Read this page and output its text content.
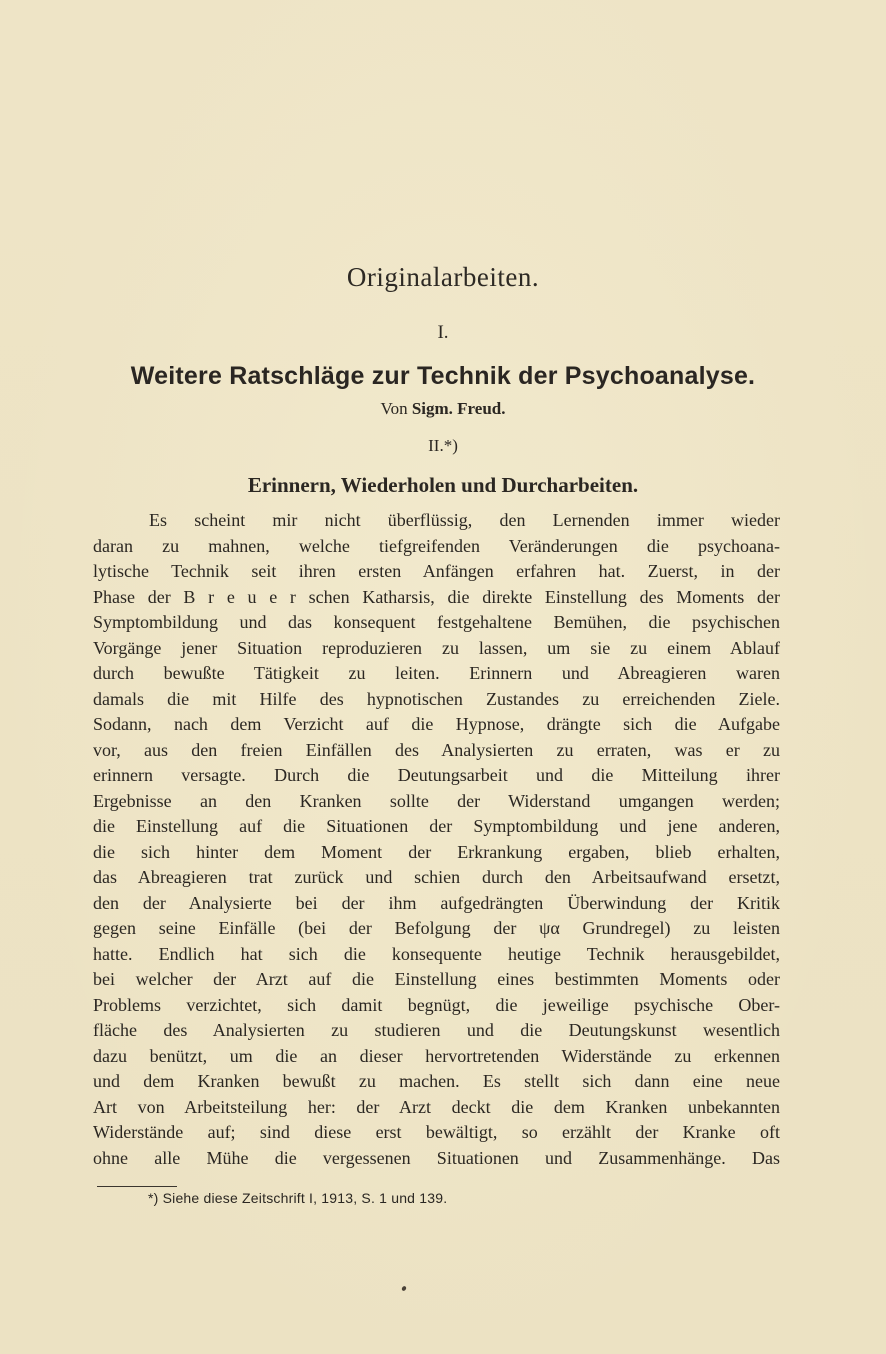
Originalarbeiten.
I.
Weitere Ratschläge zur Technik der Psychoanalyse.
Von Sigm. Freud.
II.*)
Erinnern, Wiederholen und Durcharbeiten.
Es scheint mir nicht überflüssig, den Lernenden immer wieder
daran zu mahnen, welche tiefgreifenden Veränderungen die psychoana-
lytische Technik seit ihren ersten Anfängen erfahren hat. Zuerst, in der
Phase der B r e u e r schen Katharsis, die direkte Einstellung des Moments der
Symptombildung und das konsequent festgehaltene Bemühen, die psychischen
Vorgänge jener Situation reproduzieren zu lassen, um sie zu einem Ablauf
durch bewußte Tätigkeit zu leiten. Erinnern und Abreagieren waren
damals die mit Hilfe des hypnotischen Zustandes zu erreichenden Ziele.
Sodann, nach dem Verzicht auf die Hypnose, drängte sich die Aufgabe
vor, aus den freien Einfällen des Analysierten zu erraten, was er zu
erinnern versagte. Durch die Deutungsarbeit und die Mitteilung ihrer
Ergebnisse an den Kranken sollte der Widerstand umgangen werden;
die Einstellung auf die Situationen der Symptombildung und jene anderen,
die sich hinter dem Moment der Erkrankung ergaben, blieb erhalten,
das Abreagieren trat zurück und schien durch den Arbeitsaufwand ersetzt,
den der Analysierte bei der ihm aufgedrängten Überwindung der Kritik
gegen seine Einfälle (bei der Befolgung der ψα Grundregel) zu leisten
hatte. Endlich hat sich die konsequente heutige Technik herausgebildet,
bei welcher der Arzt auf die Einstellung eines bestimmten Moments oder
Problems verzichtet, sich damit begnügt, die jeweilige psychische Ober-
fläche des Analysierten zu studieren und die Deutungskunst wesentlich
dazu benützt, um die an dieser hervortretenden Widerstände zu erkennen
und dem Kranken bewußt zu machen. Es stellt sich dann eine neue
Art von Arbeitsteilung her: der Arzt deckt die dem Kranken unbekannten
Widerstände auf; sind diese erst bewältigt, so erzählt der Kranke oft
ohne alle Mühe die vergessenen Situationen und Zusammenhänge. Das
*) Siehe diese Zeitschrift I, 1913, S. 1 und 139.
